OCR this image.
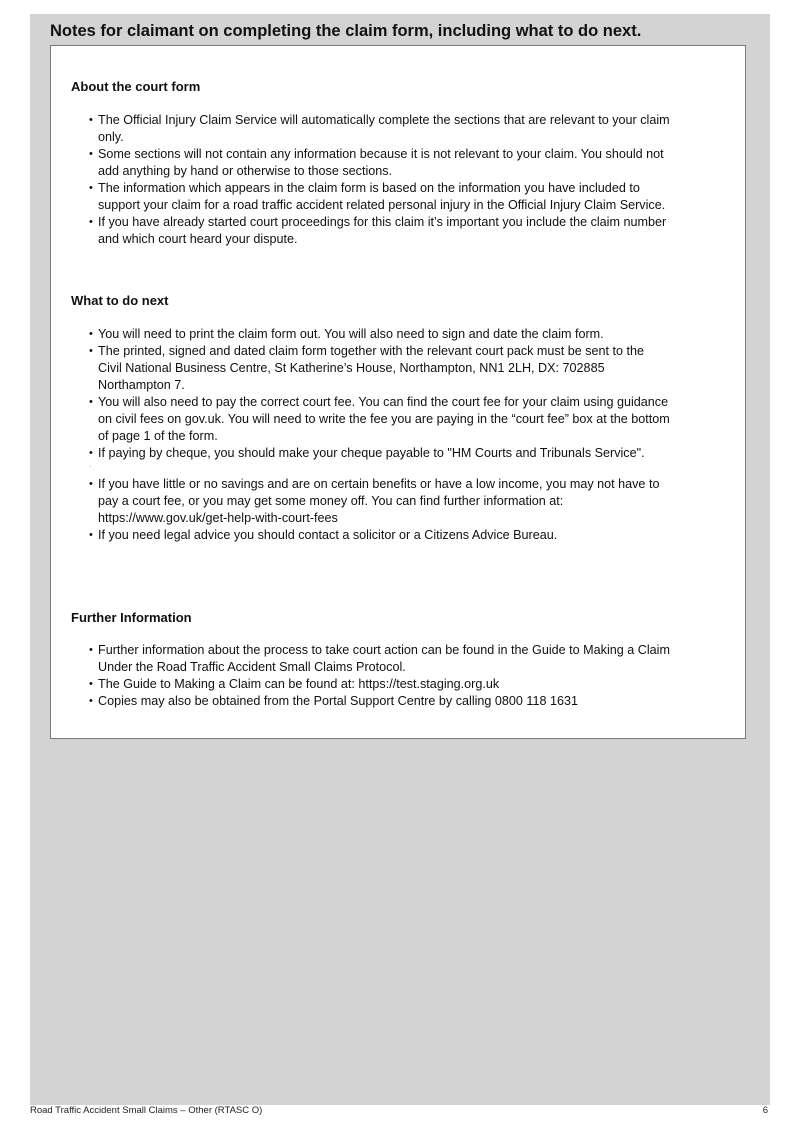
Notes for claimant on completing the claim form, including what to do next.
About the court form
• The Official Injury Claim Service will automatically complete the sections that are relevant to your claim only.
• Some sections will not contain any information because it is not relevant to your claim. You should not add anything by hand or otherwise to those sections.
• The information which appears in the claim form is based on the information you have included to support your claim for a road traffic accident related personal injury in the Official Injury Claim Service.
• If you have already started court proceedings for this claim it’s important you include the claim number and which court heard your dispute.
What to do next
• You will need to print the claim form out. You will also need to sign and date the claim form.
• The printed, signed and dated claim form together with the relevant court pack must be sent to the Civil National Business Centre, St Katherine’s House, Northampton, NN1 2LH, DX: 702885 Northampton 7.
• You will also need to pay the correct court fee. You can find the court fee for your claim using guidance on civil fees on gov.uk. You will need to write the fee you are paying in the “court fee” box at the bottom of page 1 of the form.
• If paying by cheque, you should make your cheque payable to "HM Courts and Tribunals Service".
·
• If you have little or no savings and are on certain benefits or have a low income, you may not have to pay a court fee, or you may get some money off. You can find further information at: https://www.gov.uk/get-help-with-court-fees
• If you need legal advice you should contact a solicitor or a Citizens Advice Bureau.
Further Information
• Further information about the process to take court action can be found in the Guide to Making a Claim Under the Road Traffic Accident Small Claims Protocol.
• The Guide to Making a Claim can be found at: https://test.staging.org.uk
• Copies may also be obtained from the Portal Support Centre by calling 0800 118 1631
Road Traffic Accident Small Claims – Other (RTASC O)	6
